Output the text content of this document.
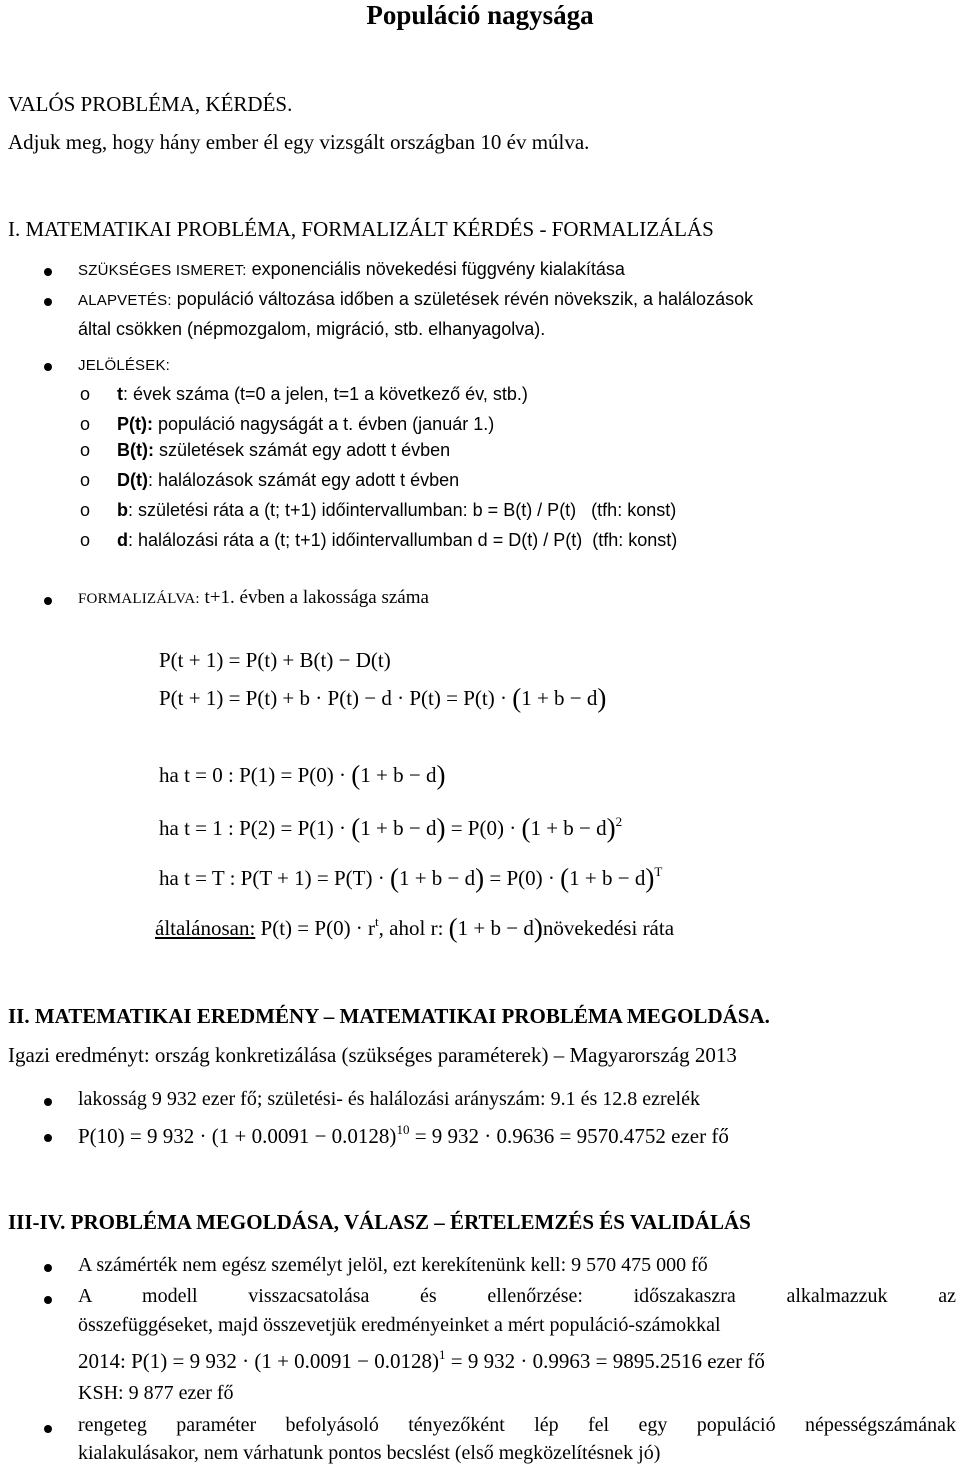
Populáció nagysága
VALÓS PROBLÉMA, KÉRDÉS.
Adjuk meg, hogy hány ember él egy vizsgált országban 10 év múlva.
I. MATEMATIKAI PROBLÉMA, FORMALIZÁLT KÉRDÉS - FORMALIZÁLÁS
SZÜKSÉGES ISMERET: exponenciális növekedési függvény kialakítása
ALAPVETÉS: populáció változása időben a születések révén növekszik, a halálozások
által csökken (népmozgalom, migráció, stb. elhanyagolva).
JELÖLÉSEK:
o t: évek száma (t=0 a jelen, t=1 a következő év, stb.)
o P(t): populáció nagyságát a t. évben (január 1.)
o B(t): születések számát egy adott t évben
o D(t): halálozások számát egy adott t évben
o b: születési ráta a (t; t+1) időintervallumban: b = B(t) / P(t)   (tfh: konst)
o d: halálozási ráta a (t; t+1) időintervallumban d = D(t) / P(t)  (tfh: konst)
FORMALIZÁLVA: t+1. évben a lakossága száma
P(t + 1) = P(t) + B(t) − D(t)
P(t + 1) = P(t) + b · P(t) − d · P(t) = P(t) · (1 + b − d)
ha t = 0 : P(1) = P(0) · (1 + b − d)
ha t = 1 : $P(2) = P(1) \cdot (1 + b - d) = P(0) \cdot (1 + b - d)^2$
ha t = T : $P(T + 1) = P(T) \cdot (1 + b - d) = P(0) \cdot (1 + b - d)^T$
általánosan: $P(t) = P(0) \cdot r^t$, ahol r: (1 + b − d)növekedési ráta
II. MATEMATIKAI EREDMÉNY – MATEMATIKAI PROBLÉMA MEGOLDÁSA.
Igazi eredményt: ország konkretizálása (szükséges paraméterek) – Magyarország 2013
lakosság 9 932 ezer fő; születési- és halálozási arányszám: 9.1 és 12.8 ezrelék
P(10) = 9 $932 \cdot (1 + 0.0091 - 0.0128)^{10} = 9$ 932 · 0.9636 = 9570.4752 ezer fő
III-IV. PROBLÉMA MEGOLDÁSA, VÁLASZ – ÉRTELEMZÉS ÉS VALIDÁLÁS
A számérték nem egész személyt jelöl, ezt kerekítenünk kell: 9 570 475 000 fő
A modell visszacsatolása és ellenőrzése: időszakaszra alkalmazzuk az
összefüggéseket, majd összevetjük eredményeinket a mért populáció-számokkal
2014: P(1) = 9 $932 \cdot (1 + 0.0091 - 0.0128)^1 = 9$ 932 · 0.9963 = 9895.2516 ezer fő
KSH: 9 877 ezer fő
rengeteg paraméter befolyásoló tényezőként lép fel egy populáció népességszámának
kialakulásakor, nem várhatunk pontos becslést (első megközelítésnek jó)
